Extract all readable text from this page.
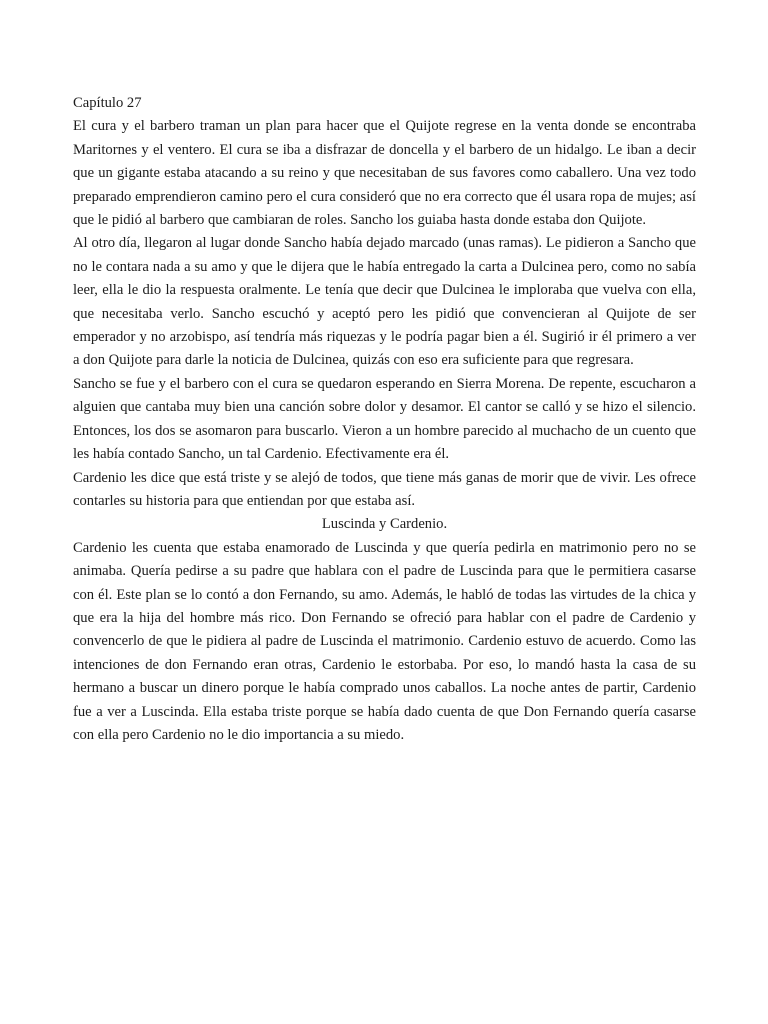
Capítulo 27

El cura y el barbero traman un plan para hacer que el Quijote regrese en la venta donde se encontraba Maritornes y el ventero. El cura se iba a disfrazar de doncella y el barbero de un hidalgo. Le iban a decir que un gigante estaba atacando a su reino y que necesitaban de sus favores como caballero. Una vez todo preparado emprendieron camino pero el cura consideró que no era correcto que él usara ropa de mujes; así que le pidió al barbero que cambiaran de roles. Sancho los guiaba hasta donde estaba don Quijote.

Al otro día, llegaron al lugar donde Sancho había dejado marcado (unas ramas). Le pidieron a Sancho que no le contara nada a su amo y que le dijera que le había entregado la carta a Dulcinea pero, como no sabía leer, ella le dio la respuesta oralmente. Le tenía que decir que Dulcinea le imploraba que vuelva con ella, que necesitaba verlo. Sancho escuchó y aceptó pero les pidió que convencieran al Quijote de ser emperador y no arzobispo, así tendría más riquezas y le podría pagar bien a él. Sugirió ir él primero a ver a don Quijote para darle la noticia de Dulcinea, quizás con eso era suficiente para que regresara.

Sancho se fue y el barbero con el cura se quedaron esperando en Sierra Morena. De repente, escucharon a alguien que cantaba muy bien una canción sobre dolor y desamor. El cantor se calló y se hizo el silencio. Entonces, los dos se asomaron para buscarlo. Vieron a un hombre parecido al muchacho de un cuento que les había contado Sancho, un tal Cardenio. Efectivamente era él.

Cardenio les dice que está triste y se alejó de todos, que tiene más ganas de morir que de vivir. Les ofrece contarles su historia para que entiendan por que estaba así.

Luscinda y Cardenio.

Cardenio les cuenta que estaba enamorado de Luscinda y que quería pedirla en matrimonio pero no se animaba. Quería pedirse a su padre que hablara con el padre de Luscinda para que le permitiera casarse con él. Este plan se lo contó a don Fernando, su amo. Además, le habló de todas las virtudes de la chica y que era la hija del hombre más rico. Don Fernando se ofreció para hablar con el padre de Cardenio y convencerlo de que le pidiera al padre de Luscinda el matrimonio. Cardenio estuvo de acuerdo. Como las intenciones de don Fernando eran otras, Cardenio le estorbaba. Por eso, lo mandó hasta la casa de su hermano a buscar un dinero porque le había comprado unos caballos. La noche antes de partir, Cardenio fue a ver a Luscinda. Ella estaba triste porque se había dado cuenta de que Don Fernando quería casarse con ella pero Cardenio no le dio importancia a su miedo.
